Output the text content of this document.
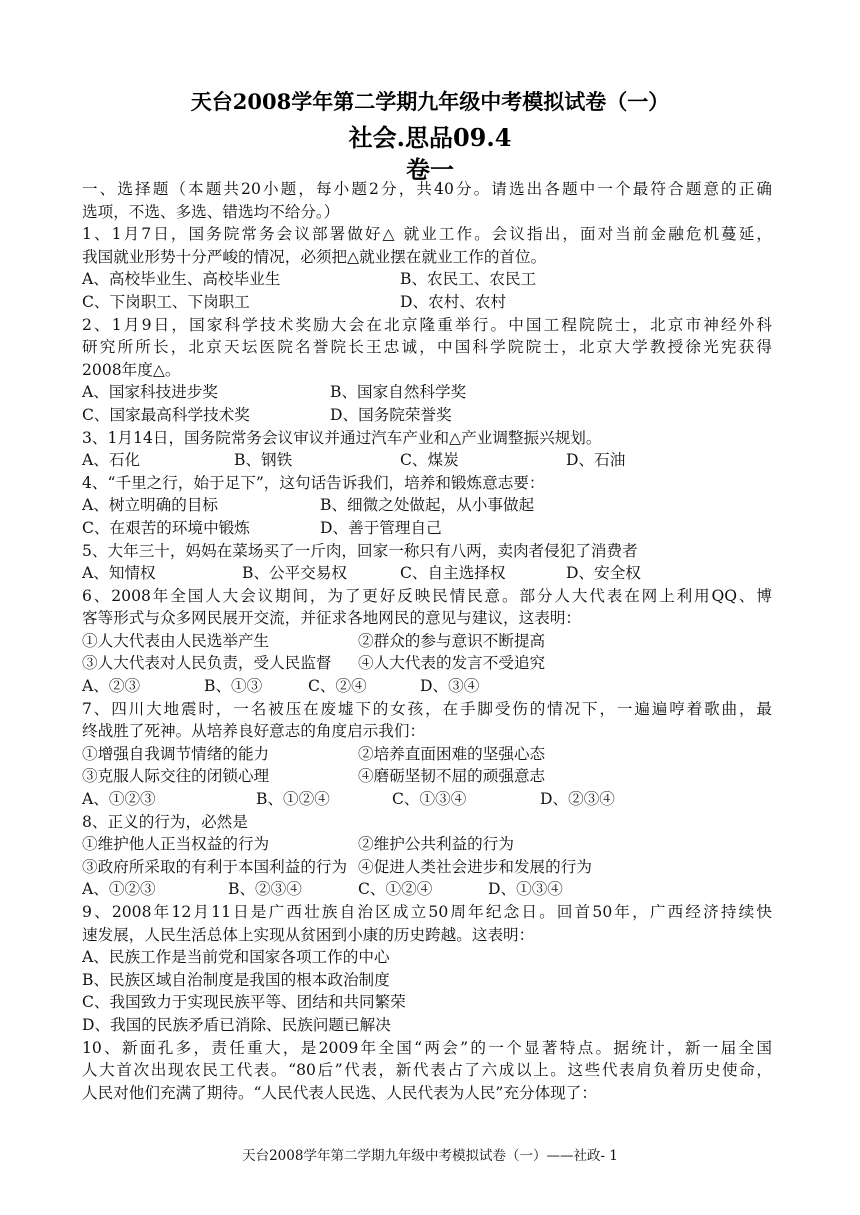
天台2008学年第二学期九年级中考模拟试卷（一）
社会.思品09.4
卷一
一、选择题（本题共20小题，每小题2分，共40分。请选出各题中一个最符合题意的正确
选项，不选、多选、错选均不给分。）
1、1月7日，国务院常务会议部署做好△ 就业工作。会议指出，面对当前金融危机蔓延，
我国就业形势十分严峻的情况，必须把△就业摆在就业工作的首位。
A、高校毕业生、高校毕业生	B、农民工、农民工
C、下岗职工、下岗职工	D、农村、农村
2、1月9日，国家科学技术奖励大会在北京隆重举行。中国工程院院士，北京市神经外科
研究所所长，北京天坛医院名誉院长王忠诚，中国科学院院士，北京大学教授徐光宪获得
2008年度△。
A、国家科技进步奖	B、国家自然科学奖
C、国家最高科学技术奖	D、国务院荣誉奖
3、1月14日，国务院常务会议审议并通过汽车产业和△产业调整振兴规划。
A、石化	B、钢铁	C、煤炭	D、石油
4、“千里之行，始于足下”，这句话告诉我们，培养和锻炼意志要：
A、树立明确的目标	B、细微之处做起，从小事做起
C、在艰苦的环境中锻炼	D、善于管理自己
5、大年三十，妈妈在菜场买了一斤肉，回家一称只有八两，卖肉者侵犯了消费者
A、知情权	B、公平交易权	C、自主选择权	D、安全权
6、2008年全国人大会议期间，为了更好反映民情民意。部分人大代表在网上利用QQ、博
客等形式与众多网民展开交流，并征求各地网民的意见与建议，这表明：
①人大代表由人民选举产生	②群众的参与意识不断提高
③人大代表对人民负责，受人民监督	④人大代表的发言不受追究
A、②③	B、①③	C、②④	D、③④
7、四川大地震时，一名被压在废墟下的女孩，在手脚受伤的情况下，一遍遍哼着歌曲，最
终战胜了死神。从培养良好意志的角度启示我们：
①增强自我调节情绪的能力	②培养直面困难的坚强心态
③克服人际交往的闭锁心理	④磨砺坚韧不屈的顽强意志
A、①②③	B、①②④	C、①③④	D、②③④
8、正义的行为，必然是
①维护他人正当权益的行为	②维护公共利益的行为
③政府所采取的有利于本国利益的行为 ④促进人类社会进步和发展的行为
A、①②③	B、②③④	C、①②④	D、①③④
9、2008年12月11日是广西壮族自治区成立50周年纪念日。回首50年，广西经济持续快
速发展，人民生活总体上实现从贫困到小康的历史跨越。这表明：
A、民族工作是当前党和国家各项工作的中心
B、民族区域自治制度是我国的根本政治制度
C、我国致力于实现民族平等、团结和共同繁荣
D、我国的民族矛盾已消除、民族问题已解决
10、新面孔多，责任重大，是2009年全国“两会”的一个显著特点。据统计，新一届全国
人大首次出现农民工代表。“80后”代表，新代表占了六成以上。这些代表肩负着历史使命，
人民对他们充满了期待。“人民代表人民选、人民代表为人民”充分体现了：
天台2008学年第二学期九年级中考模拟试卷（一）——社政- 1
